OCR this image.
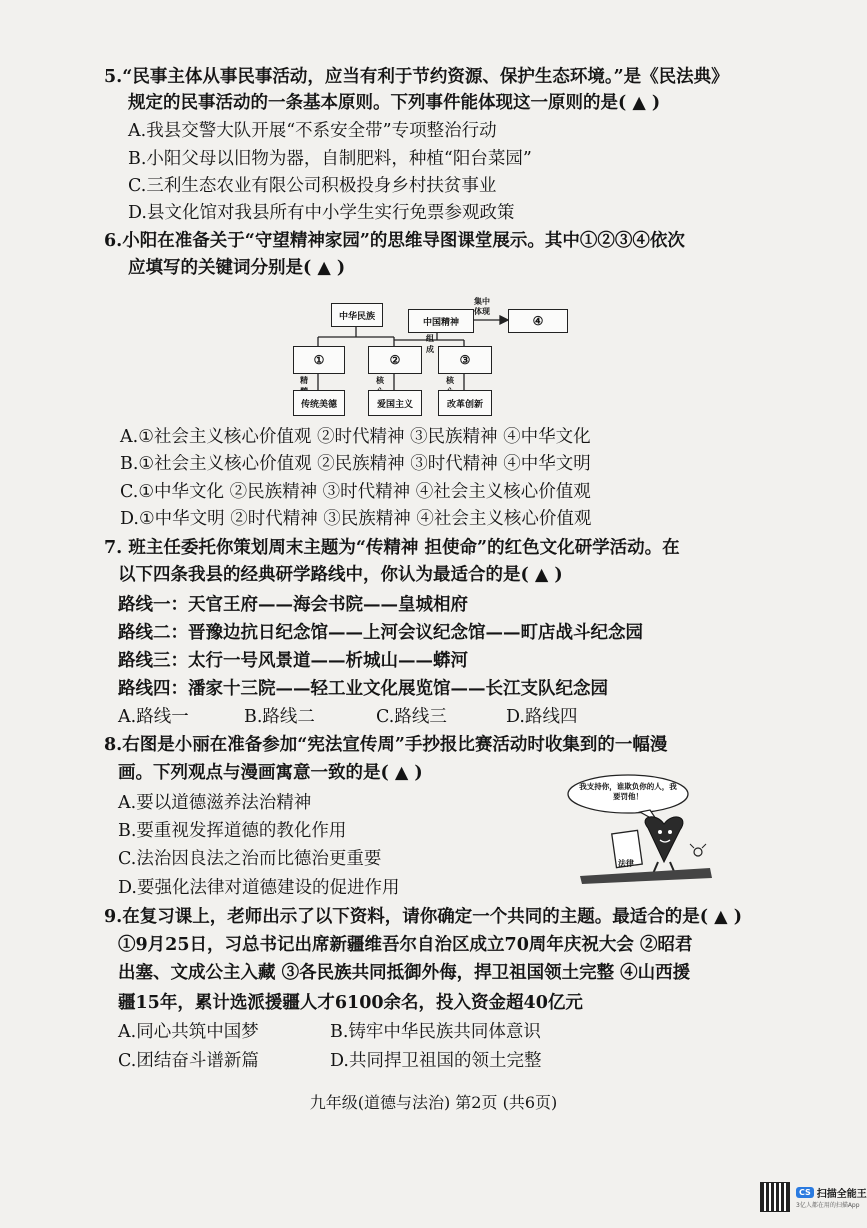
5.“民事主体从事民事活动，应当有利于节约资源、保护生态环境。”是《民法典》
规定的民事活动的一条基本原则。下列事件能体现这一原则的是( ▲ )
A.我县交警大队开展“不系安全带”专项整治行动
B.小阳父母以旧物为器，自制肥料，种植“阳台菜园”
C.三利生态农业有限公司积极投身乡村扶贫事业
D.县文化馆对我县所有中小学生实行免票参观政策
6.小阳在准备关于“守望精神家园”的思维导图课堂展示。其中①②③④依次
应填写的关键词分别是( ▲ )
中华民族
中国精神	④
集中体现
组成
①	②	③
精	核	核
传统美德	爱国主义	改革创新
A.①社会主义核心价值观 ②时代精神 ③民族精神 ④中华文化
B.①社会主义核心价值观 ②民族精神 ③时代精神 ④中华文明
C.①中华文化 ②民族精神 ③时代精神 ④社会主义核心价值观
D.①中华文明 ②时代精神 ③民族精神 ④社会主义核心价值观
7. 班主任委托你策划周末主题为“传精神 担使命”的红色文化研学活动。在
以下四条我县的经典研学路线中，你认为最适合的是( ▲ )
路线一：天官王府——海会书院——皇城相府
路线二：晋豫边抗日纪念馆——上河会议纪念馆——町店战斗纪念园
路线三：太行一号风景道——析城山——蟒河
路线四：潘家十三院——轻工业文化展览馆——长江支队纪念园
A.路线一	B.路线二	C.路线三	D.路线四
8.右图是小丽在准备参加“宪法宣传周”手抄报比赛活动时收集到的一幅漫
画。下列观点与漫画寓意一致的是( ▲ )
A.要以道德滋养法治精神
B.要重视发挥道德的教化作用
C.法治因良法之治而比德治更重要
D.要强化法律对道德建设的促进作用
我支持你，谁欺负你的人，我要罚他！
法律
9.在复习课上，老师出示了以下资料，请你确定一个共同的主题。最适合的是( ▲ )
①9月25日，习总书记出席新疆维吾尔自治区成立70周年庆祝大会 ②昭君
出塞、文成公主入藏 ③各民族共同抵御外侮，捍卫祖国领土完整 ④山西援
疆15年，累计选派援疆人才6100余名，投入资金超40亿元
A.同心共筑中国梦	B.铸牢中华民族共同体意识
C.团结奋斗谱新篇	D.共同捍卫祖国的领土完整
九年级(道德与法治) 第2页 (共6页)
CS 扫描全能王
3亿人都在用的扫描App
